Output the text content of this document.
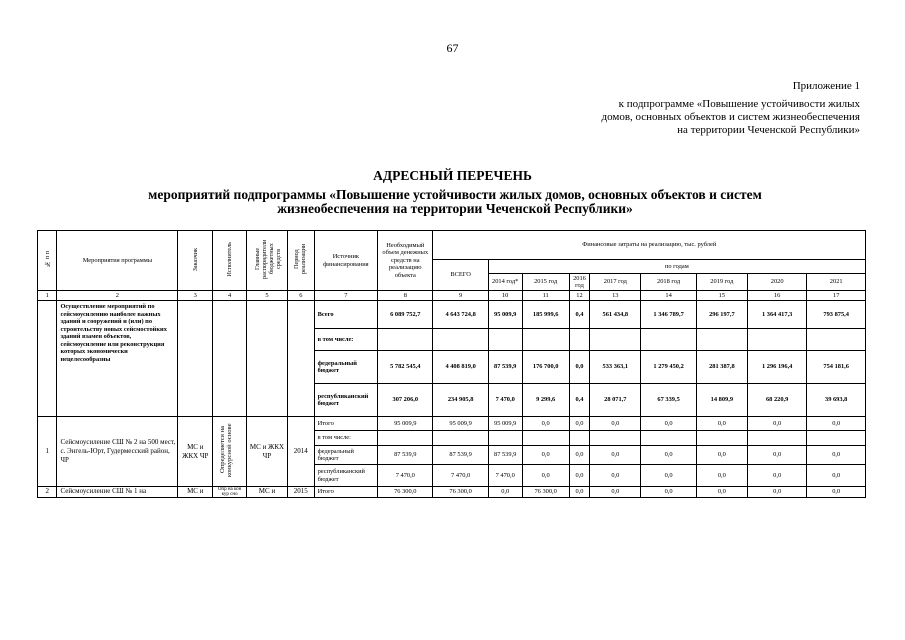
67
Приложение 1
к подпрограмме «Повышение устойчивости жилых
домов, основных объектов и систем жизнеобеспечения
на территории Чеченской Республики»
АДРЕСНЫЙ ПЕРЕЧЕНЬ
мероприятий подпрограммы «Повышение устойчивости жилых домов, основных объектов и систем жизнеобеспечения на территории Чеченской Республики»
№ п п	Мероприятия программы	Заказчик	Исполнитель	Главные распорядители бюджетных средств	Период реализации	Источник финансирования	Необходимый объем денежных средств на реализацию объекта	Финансовые затраты на реализацию, тыс. рублей								
								ВСЕГО	по годам							
									2014 год*	2015 год	2016 год	2017 год	2018 год	2019 год	2020	2021
1	2	3	4	5	6	7	8	9	10	11	12	13	14	15	16	17
	Осуществление мероприятий по сейсмоусилению наиболее важных зданий и сооружений и (или) по строительству новых сейсмостойких зданий взамен объектов, сейсмоусиление или реконструкция которых экономически нецелесообразны					Всего	6 089 752,7	4 643 724,8	95 009,9	185 999,6	0,4	561 434,8	1 346 789,7	296 197,7	1 364 417,3	793 875,4
						в том числе:										
						федеральный бюджет	5 782 545,4	4 408 819,0	87 539,9	176 700,0	0,0	533 363,1	1 279 450,2	281 387,8	1 296 196,4	754 181,6
						республиканский бюджет	307 206,0	234 905,8	7 470,0	9 299,6	0,4	28 071,7	67 339,5	14 809,9	68 220,9	39 693,8
1	Сейсмоусиление СШ № 2 на 500 мест, с. Энгель-Юрт, Гудермесский район, ЧР	МС и ЖКХ ЧР	Определяется на конкурсной основе	МС и ЖКХ ЧР	2014	Итого	95 009,9	95 009,9	95 009,9	0,0	0,0	0,0	0,0	0,0	0,0	0,0
						в том числе:										
						федеральный бюджет	87 539,9	87 539,9	87 539,9	0,0	0,0	0,0	0,0	0,0	0,0	0,0
						республиканский бюджет	7 470,0	7 470,0	7 470,0	0,0	0,0	0,0	0,0	0,0	0,0	0,0
2	Сейсмоусиление СШ № 1 на	МС и	Опр на кон кур сно	МС и	2015	Итого	76 300,0	76 300,0	0,0	76 300,0	0,0	0,0	0,0	0,0	0,0	0,0
